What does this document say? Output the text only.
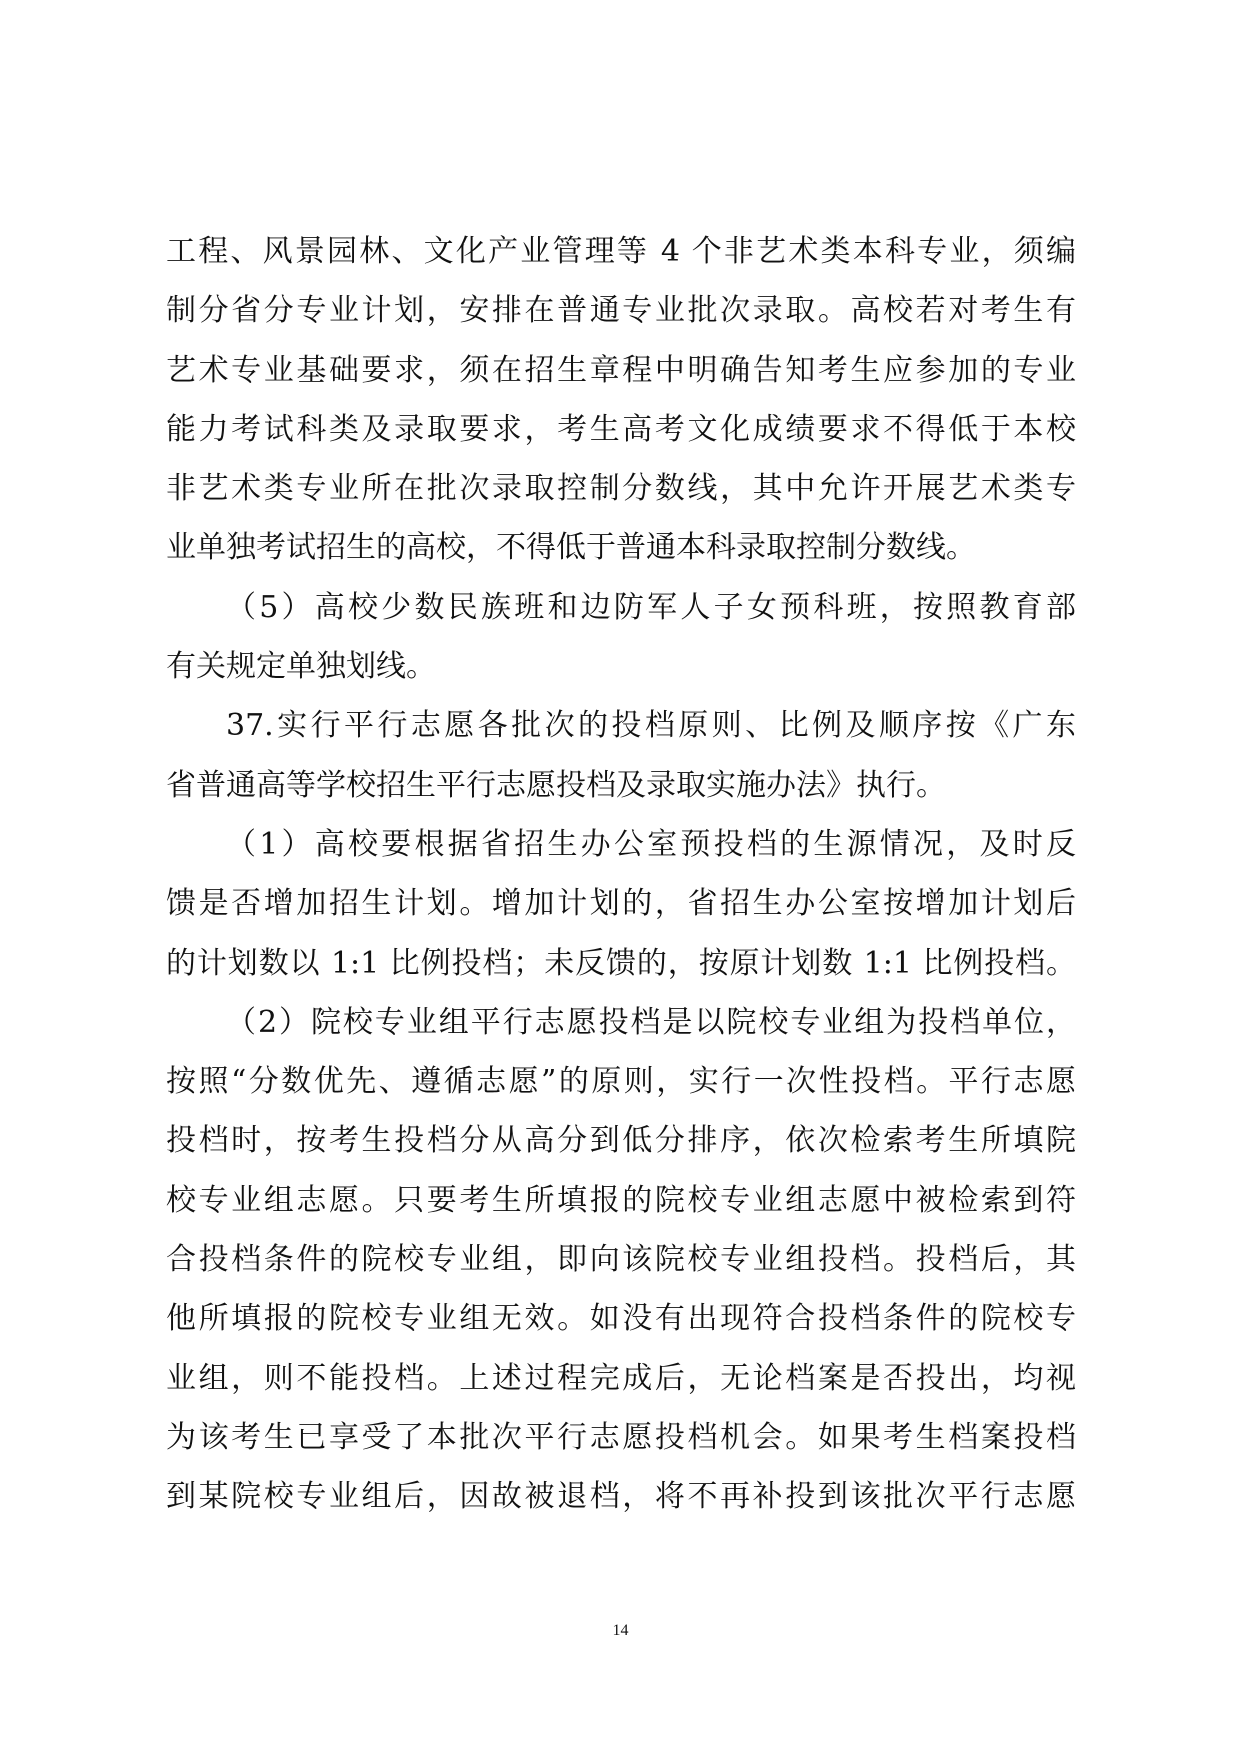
工程、风景园林、文化产业管理等 4 个非艺术类本科专业，须编
制分省分专业计划，安排在普通专业批次录取。高校若对考生有
艺术专业基础要求，须在招生章程中明确告知考生应参加的专业
能力考试科类及录取要求，考生高考文化成绩要求不得低于本校
非艺术类专业所在批次录取控制分数线，其中允许开展艺术类专
业单独考试招生的高校，不得低于普通本科录取控制分数线。
（5）高校少数民族班和边防军人子女预科班，按照教育部
有关规定单独划线。
37.实行平行志愿各批次的投档原则、比例及顺序按《广东
省普通高等学校招生平行志愿投档及录取实施办法》执行。
（1）高校要根据省招生办公室预投档的生源情况，及时反
馈是否增加招生计划。增加计划的，省招生办公室按增加计划后
的计划数以 1:1 比例投档；未反馈的，按原计划数 1:1 比例投档。
（2）院校专业组平行志愿投档是以院校专业组为投档单位，
按照“分数优先、遵循志愿”的原则，实行一次性投档。平行志愿
投档时，按考生投档分从高分到低分排序，依次检索考生所填院
校专业组志愿。只要考生所填报的院校专业组志愿中被检索到符
合投档条件的院校专业组，即向该院校专业组投档。投档后，其
他所填报的院校专业组无效。如没有出现符合投档条件的院校专
业组，则不能投档。上述过程完成后，无论档案是否投出，均视
为该考生已享受了本批次平行志愿投档机会。如果考生档案投档
到某院校专业组后，因故被退档，将不再补投到该批次平行志愿
14
